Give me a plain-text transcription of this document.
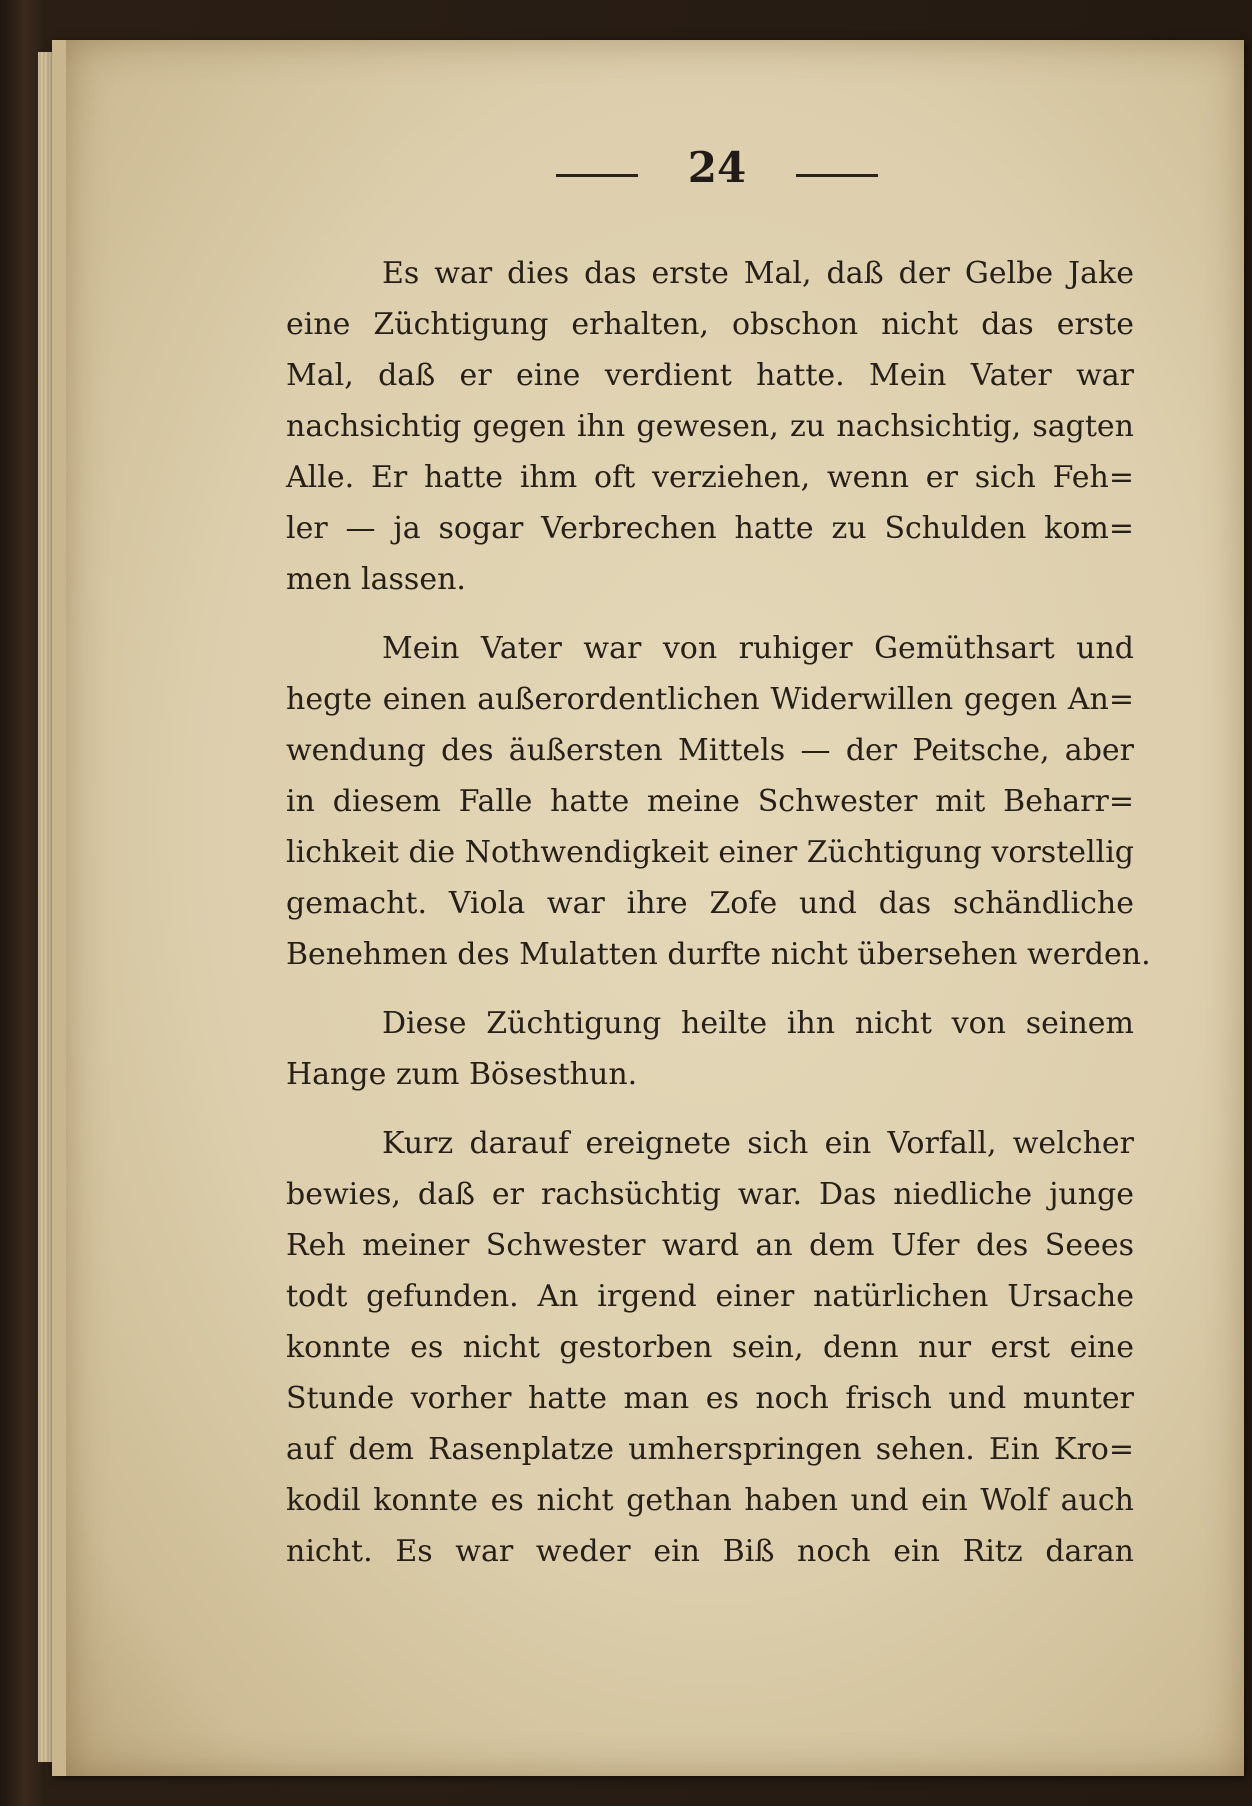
24
Es war dies das erste Mal, daß der Gelbe Jake
eine Züchtigung erhalten, obschon nicht das erste
Mal, daß er eine verdient hatte. Mein Vater war
nachsichtig gegen ihn gewesen, zu nachsichtig, sagten
Alle. Er hatte ihm oft verziehen, wenn er sich Feh=
ler — ja sogar Verbrechen hatte zu Schulden kom=
men lassen.
Mein Vater war von ruhiger Gemüthsart und
hegte einen außerordentlichen Widerwillen gegen An=
wendung des äußersten Mittels — der Peitsche, aber
in diesem Falle hatte meine Schwester mit Beharr=
lichkeit die Nothwendigkeit einer Züchtigung vorstellig
gemacht. Viola war ihre Zofe und das schändliche
Benehmen des Mulatten durfte nicht übersehen werden.
Diese Züchtigung heilte ihn nicht von seinem
Hange zum Bösesthun.
Kurz darauf ereignete sich ein Vorfall, welcher
bewies, daß er rachsüchtig war. Das niedliche junge
Reh meiner Schwester ward an dem Ufer des Seees
todt gefunden. An irgend einer natürlichen Ursache
konnte es nicht gestorben sein, denn nur erst eine
Stunde vorher hatte man es noch frisch und munter
auf dem Rasenplatze umherspringen sehen. Ein Kro=
kodil konnte es nicht gethan haben und ein Wolf auch
nicht. Es war weder ein Biß noch ein Ritz daran
